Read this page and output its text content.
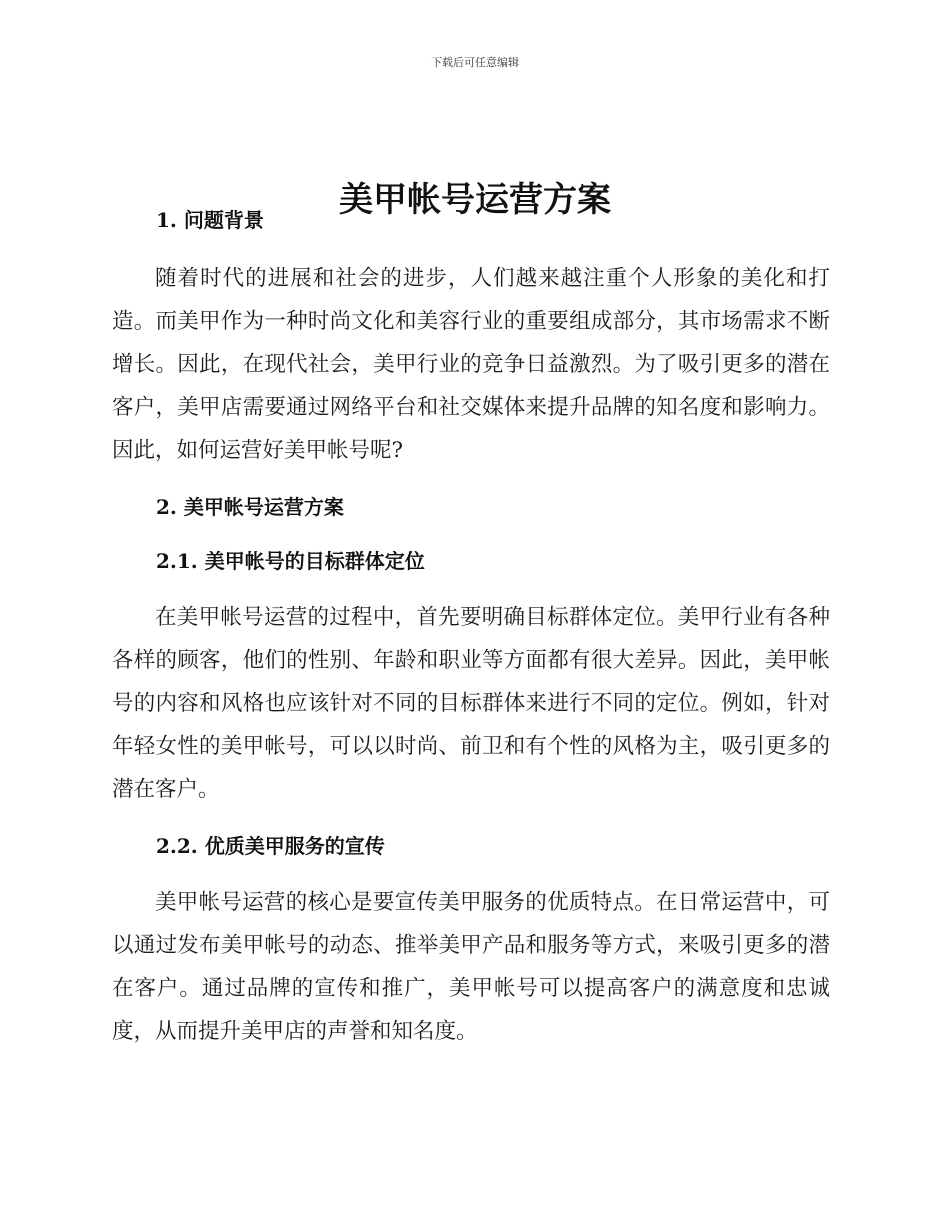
下载后可任意编辑
美甲帐号运营方案
1. 问题背景

随着时代的进展和社会的进步，人们越来越注重个人形象的美化和打造。而美甲作为一种时尚文化和美容行业的重要组成部分，其市场需求不断增长。因此，在现代社会，美甲行业的竞争日益激烈。为了吸引更多的潜在客户，美甲店需要通过网络平台和社交媒体来提升品牌的知名度和影响力。因此，如何运营好美甲帐号呢?

2. 美甲帐号运营方案
2.1. 美甲帐号的目标群体定位

在美甲帐号运营的过程中，首先要明确目标群体定位。美甲行业有各种各样的顾客，他们的性别、年龄和职业等方面都有很大差异。因此，美甲帐号的内容和风格也应该针对不同的目标群体来进行不同的定位。例如，针对年轻女性的美甲帐号，可以以时尚、前卫和有个性的风格为主，吸引更多的潜在客户。

2.2. 优质美甲服务的宣传

美甲帐号运营的核心是要宣传美甲服务的优质特点。在日常运营中，可以通过发布美甲帐号的动态、推举美甲产品和服务等方式，来吸引更多的潜在客户。通过品牌的宣传和推广，美甲帐号可以提高客户的满意度和忠诚度，从而提升美甲店的声誉和知名度。
